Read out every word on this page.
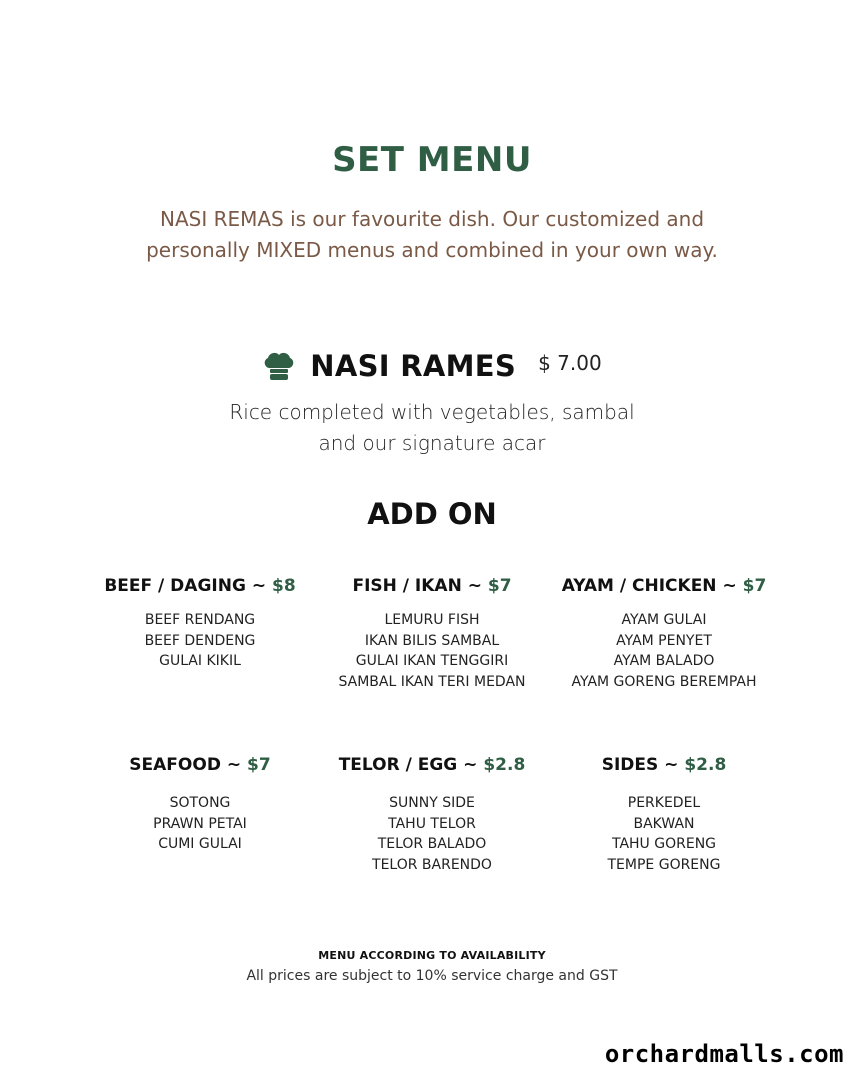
SET MENU
NASI REMAS is our favourite dish. Our customized and personally MIXED menus and combined in your own way.
NASI RAMES $ 7.00
Rice completed with vegetables, sambal
and our signature acar
ADD ON
BEEF / DAGING ~ $8
BEEF RENDANG
BEEF DENDENG
GULAI KIKIL
FISH / IKAN ~ $7
LEMURU FISH
IKAN BILIS SAMBAL
GULAI IKAN TENGGIRI
SAMBAL IKAN TERI MEDAN
AYAM / CHICKEN ~ $7
AYAM GULAI
AYAM PENYET
AYAM BALADO
AYAM GORENG BEREMPAH
SEAFOOD ~ $7
SOTONG
PRAWN PETAI
CUMI GULAI
TELOR / EGG ~ $2.8
SUNNY SIDE
TAHU TELOR
TELOR BALADO
TELOR BARENDO
SIDES ~ $2.8
PERKEDEL
BAKWAN
TAHU GORENG
TEMPE GORENG
MENU ACCORDING TO AVAILABILITY
All prices are subject to 10% service charge and GST
orchardmalls.com
